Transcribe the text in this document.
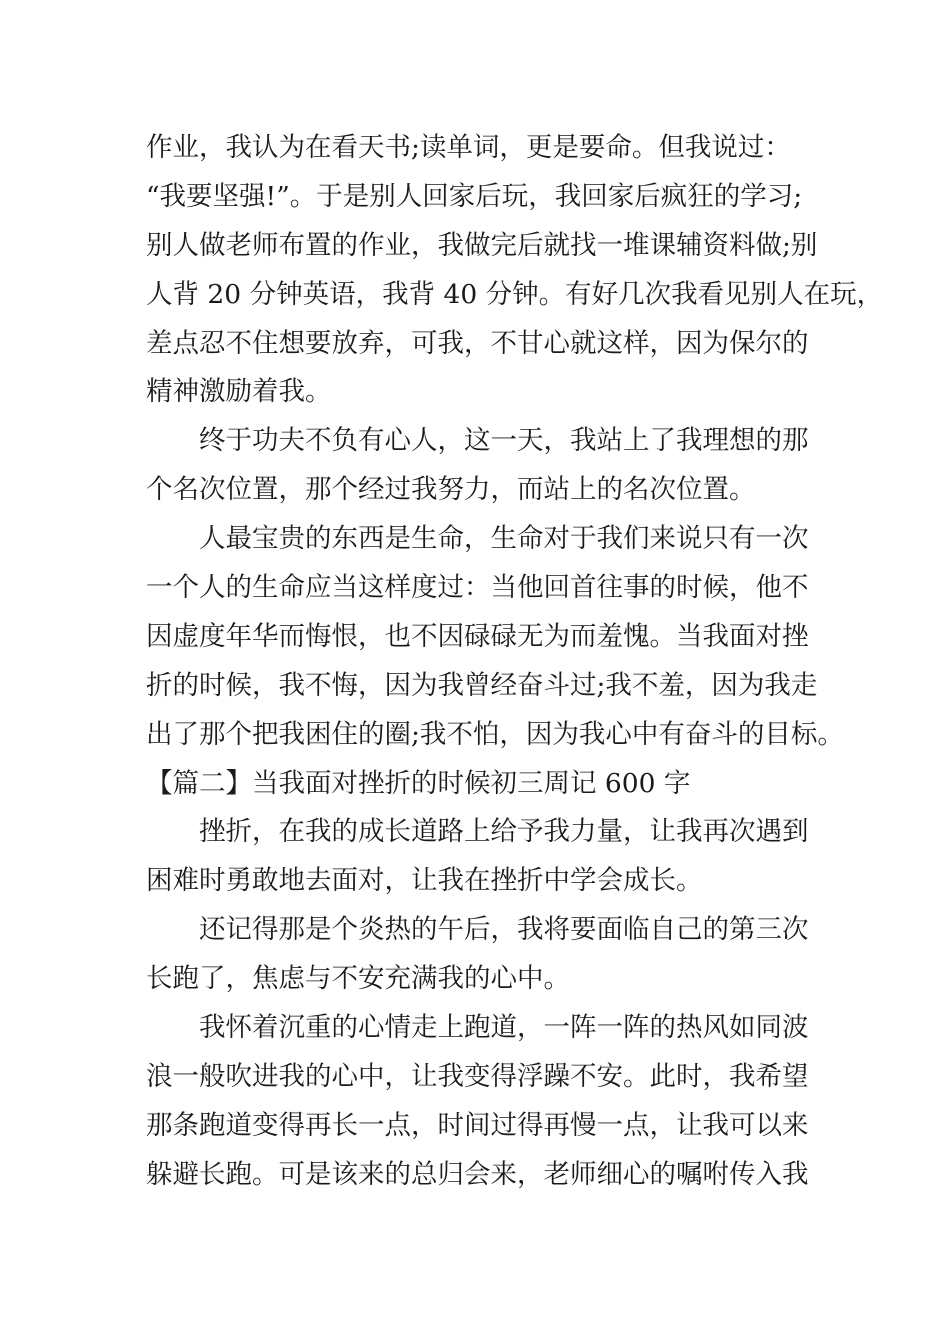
作业，我认为在看天书;读单词，更是要命。但我说过：
“我要坚强!”。于是别人回家后玩，我回家后疯狂的学习;
别人做老师布置的作业，我做完后就找一堆课辅资料做;别
人背 20 分钟英语，我背 40 分钟。有好几次我看见别人在玩，
差点忍不住想要放弃，可我，不甘心就这样，因为保尔的
精神激励着我。
终于功夫不负有心人，这一天，我站上了我理想的那
个名次位置，那个经过我努力，而站上的名次位置。
人最宝贵的东西是生命，生命对于我们来说只有一次
一个人的生命应当这样度过：当他回首往事的时候，他不
因虚度年华而悔恨，也不因碌碌无为而羞愧。当我面对挫
折的时候，我不悔，因为我曾经奋斗过;我不羞，因为我走
出了那个把我困住的圈;我不怕，因为我心中有奋斗的目标。
【篇二】当我面对挫折的时候初三周记 600 字
挫折，在我的成长道路上给予我力量，让我再次遇到
困难时勇敢地去面对，让我在挫折中学会成长。
还记得那是个炎热的午后，我将要面临自己的第三次
长跑了，焦虑与不安充满我的心中。
我怀着沉重的心情走上跑道，一阵一阵的热风如同波
浪一般吹进我的心中，让我变得浮躁不安。此时，我希望
那条跑道变得再长一点，时间过得再慢一点，让我可以来
躲避长跑。可是该来的总归会来，老师细心的嘱咐传入我
